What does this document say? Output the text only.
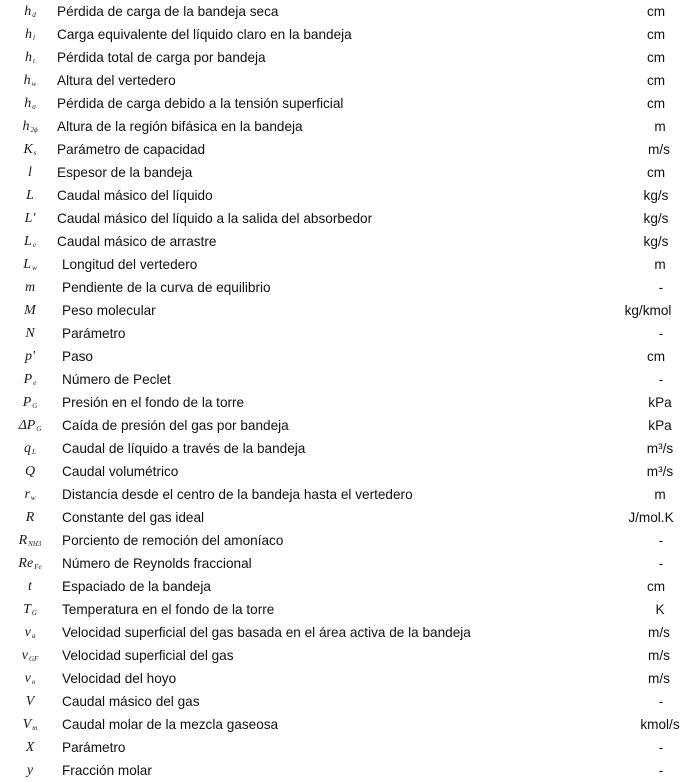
$h_d$ Pérdida de carga de la bandeja seca	cm
$h_l$ Carga equivalente del líquido claro en la bandeja	cm
$h_t$ Pérdida total de carga por bandeja	cm
$h_w$ Altura del vertedero	cm
$h_\sigma$ Pérdida de carga debido a la tensión superficial	cm
$h_{2\phi}$ Altura de la región bifásica en la bandeja	m
$K_s$ Parámetro de capacidad	m/s
l Espesor de la bandeja	cm
L Caudal másico del líquido	kg/s
L′ Caudal másico del líquido a la salida del absorbedor	kg/s
$L_e$ Caudal másico de arrastre	kg/s
$L_w$ Longitud del vertedero	m
m Pendiente de la curva de equilibrio	-
M Peso molecular	kg/kmol
N Parámetro	-
p′ Paso	cm
$P_e$ Número de Peclet	-
$P_G$ Presión en el fondo de la torre	kPa
$\Delta P_G$ Caída de presión del gas por bandeja	kPa
$q_L$ Caudal de líquido a través de la bandeja	m³/s
Q Caudal volumétrico	m³/s
$r_w$ Distancia desde el centro de la bandeja hasta el vertedero	m
R Constante del gas ideal	J/mol.K
$R_{NH3}$ Porciento de remoción del amoníaco	-
$Re_{Fe}$ Número de Reynolds fraccional	-
t Espaciado de la bandeja	cm
$T_G$ Temperatura en el fondo de la torre	K
$v_a$ Velocidad superficial del gas basada en el área activa de la bandeja	m/s
$v_{GF}$ Velocidad superficial del gas	m/s
$v_o$ Velocidad del hoyo	m/s
V Caudal másico del gas	-
$V_m$ Caudal molar de la mezcla gaseosa	kmol/s
X Parámetro	-
y Fracción molar	-
